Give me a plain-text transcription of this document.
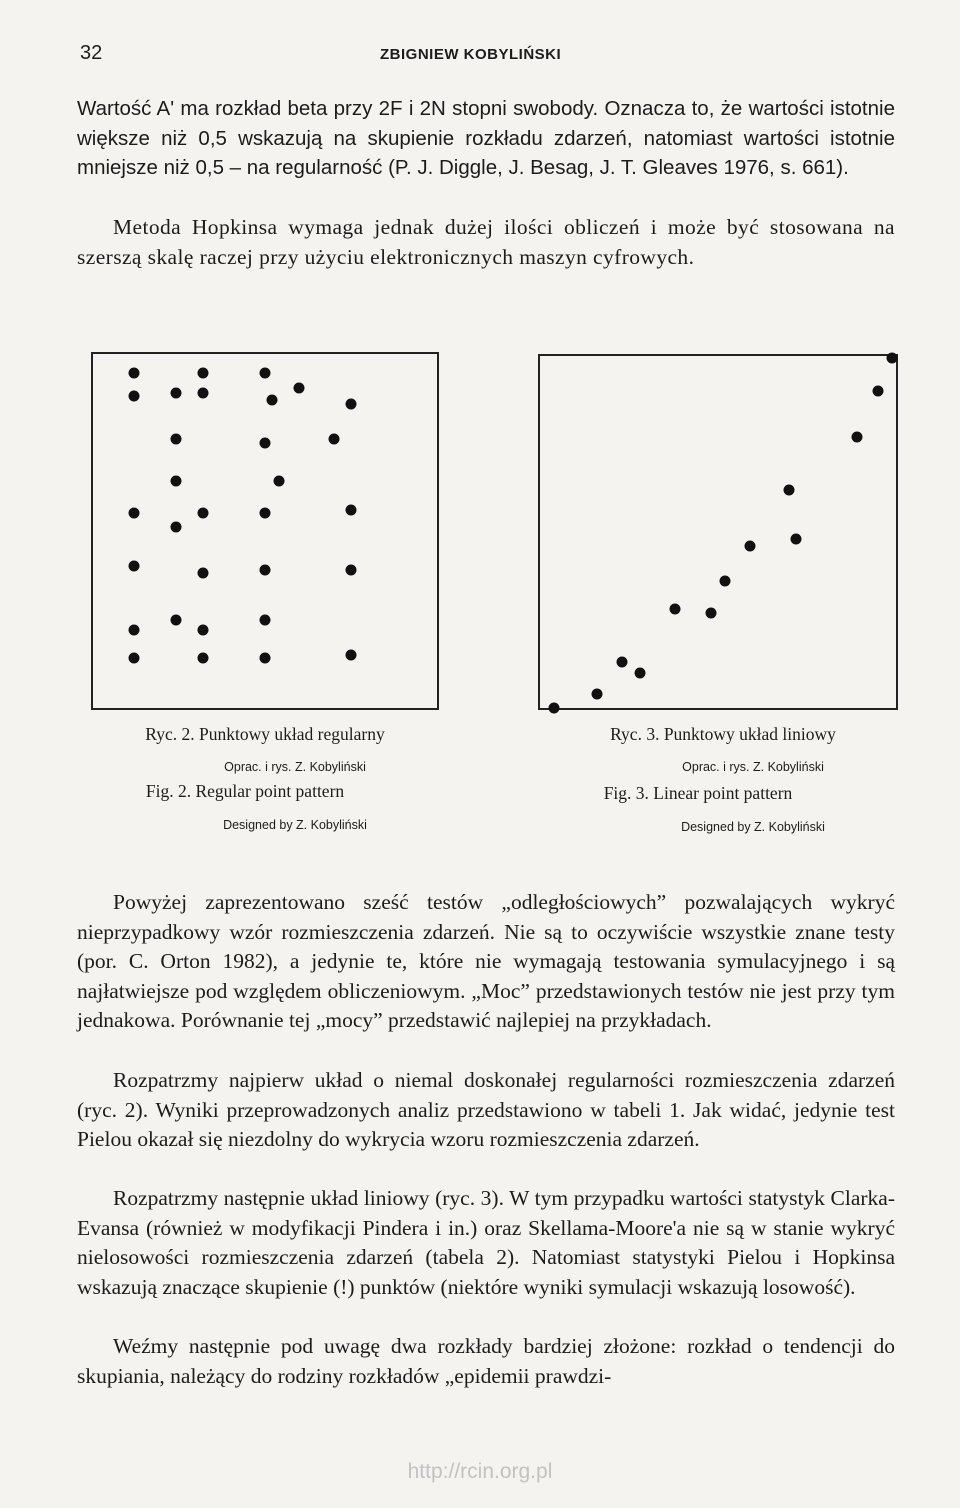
32	ZBIGNIEW KOBYLIŃSKI

Wartość A' ma rozkład beta przy 2F i 2N stopni swobody. Oznacza to, że wartości istotnie większe niż 0,5 wskazują na skupienie rozkładu zdarzeń, natomiast wartości istotnie mniejsze niż 0,5 – na regularność (P. J. Diggle, J. Besag, J. T. Gleaves 1976, s. 661).

Metoda Hopkinsa wymaga jednak dużej ilości obliczeń i może być stosowana na szerszą skalę raczej przy użyciu elektronicznych maszyn cyfrowych.

Ryc. 2. Punktowy układ regularny
Oprac. i rys. Z. Kobyliński
Fig. 2. Regular point pattern
Designed by Z. Kobyliński
Ryc. 3. Punktowy układ liniowy
Oprac. i rys. Z. Kobyliński
Fig. 3. Linear point pattern
Designed by Z. Kobyliński

Powyżej zaprezentowano sześć testów „odległościowych” pozwalających wykryć nieprzypadkowy wzór rozmieszczenia zdarzeń. Nie są to oczywiście wszystkie znane testy (por. C. Orton 1982), a jedynie te, które nie wymagają testowania symulacyjnego i są najłatwiejsze pod względem obliczeniowym. „Moc” przedstawionych testów nie jest przy tym jednakowa. Porównanie tej „mocy” przedstawić najlepiej na przykładach.

Rozpatrzmy najpierw układ o niemal doskonałej regularności rozmieszczenia zdarzeń (ryc. 2). Wyniki przeprowadzonych analiz przedstawiono w tabeli 1. Jak widać, jedynie test Pielou okazał się niezdolny do wykrycia wzoru rozmieszczenia zdarzeń.

Rozpatrzmy następnie układ liniowy (ryc. 3). W tym przypadku wartości statystyk Clarka-Evansa (również w modyfikacji Pindera i in.) oraz Skellama-Moore'a nie są w stanie wykryć nielosowości rozmieszczenia zdarzeń (tabela 2). Natomiast statystyki Pielou i Hopkinsa wskazują znaczące skupienie (!) punktów (niektóre wyniki symulacji wskazują losowość).

Weźmy następnie pod uwagę dwa rozkłady bardziej złożone: rozkład o tendencji do skupiania, należący do rodziny rozkładów „epidemii prawdzi-

http://rcin.org.pl
